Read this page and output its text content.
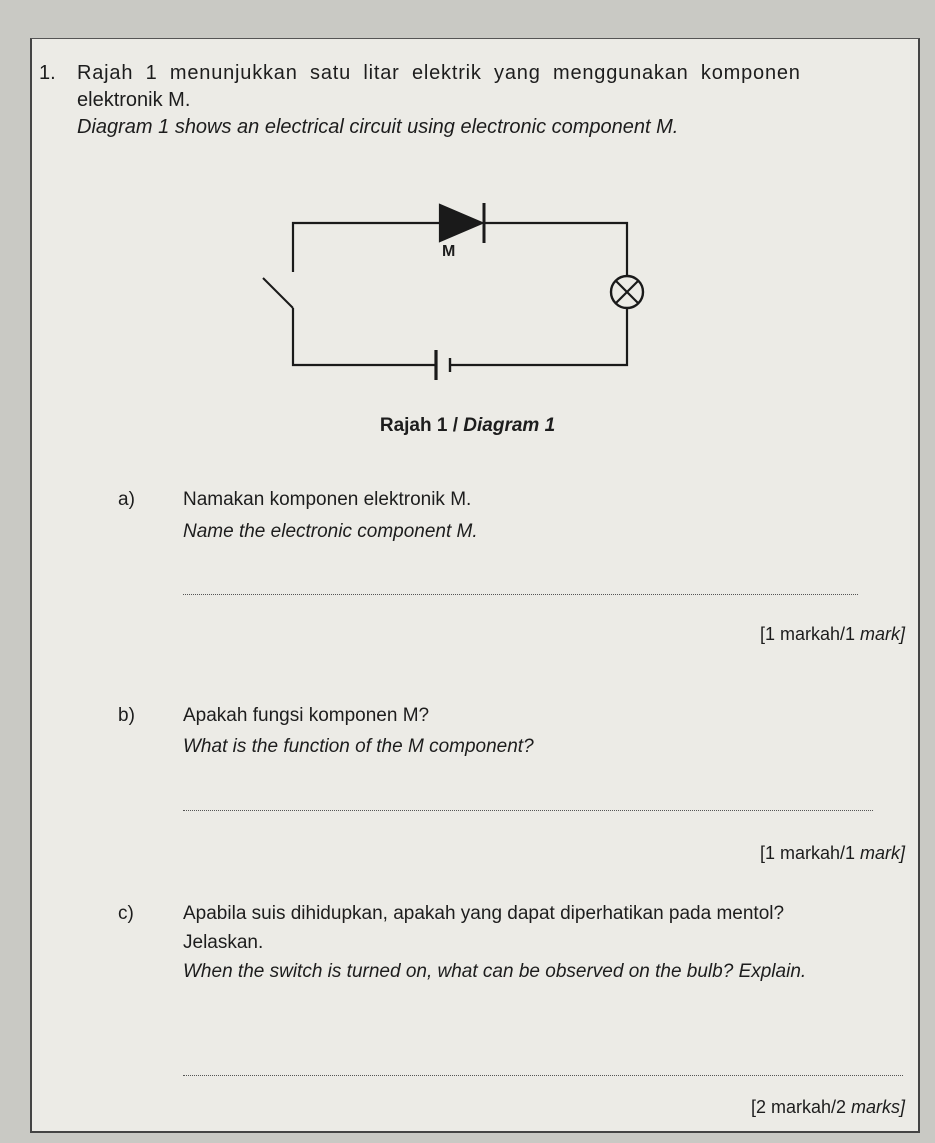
1.	Rajah 1 menunjukkan satu litar elektrik yang menggunakan komponen
elektronik M.
Diagram 1 shows an electrical circuit using electronic component M.
M
Rajah 1 / Diagram 1
a)	Namakan komponen elektronik M.
Name the electronic component M.
[1 markah/1 mark]
b)	Apakah fungsi komponen M?
What is the function of the M component?
[1 markah/1 mark]
c)	Apabila suis dihidupkan, apakah yang dapat diperhatikan pada mentol? Jelaskan.
When the switch is turned on, what can be observed on the bulb? Explain.
[2 markah/2 marks]
